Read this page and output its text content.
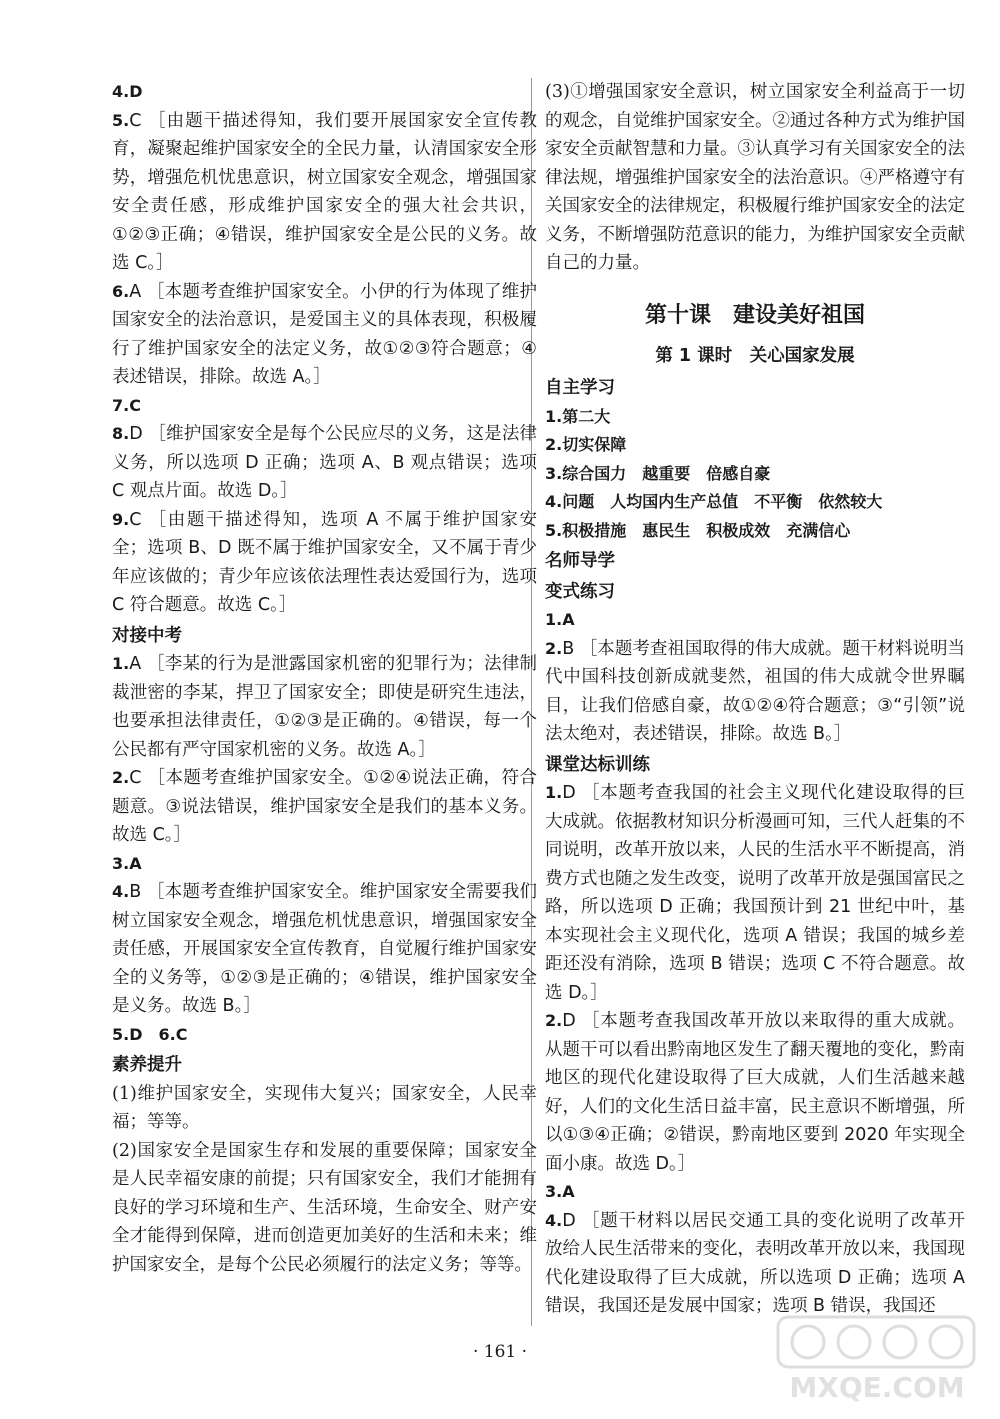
4.D

5.C ［由题干描述得知，我们要开展国家安全宣传教育，凝聚起维护国家安全的全民力量，认清国家安全形势，增强危机忧患意识，树立国家安全观念，增强国家安全责任感，形成维护国家安全的强大社会共识，①②③正确；④错误，维护国家安全是公民的义务。故选 C。］

6.A ［本题考查维护国家安全。小伊的行为体现了维护国家安全的法治意识，是爱国主义的具体表现，积极履行了维护国家安全的法定义务，故①②③符合题意；④表述错误，排除。故选 A。］

7.C

8.D ［维护国家安全是每个公民应尽的义务，这是法律义务，所以选项 D 正确；选项 A、B 观点错误；选项 C 观点片面。故选 D。］

9.C ［由题干描述得知，选项 A 不属于维护国家安全；选项 B、D 既不属于维护国家安全，又不属于青少年应该做的；青少年应该依法理性表达爱国行为，选项 C 符合题意。故选 C。］

对接中考

1.A ［李某的行为是泄露国家机密的犯罪行为；法律制裁泄密的李某，捍卫了国家安全；即使是研究生违法，也要承担法律责任，①②③是正确的。④错误，每一个公民都有严守国家机密的义务。故选 A。］

2.C ［本题考查维护国家安全。①②④说法正确，符合题意。③说法错误，维护国家安全是我们的基本义务。故选 C。］

3.A

4.B ［本题考查维护国家安全。维护国家安全需要我们树立国家安全观念，增强危机忧患意识，增强国家安全责任感，开展国家安全宣传教育，自觉履行维护国家安全的义务等，①②③是正确的；④错误，维护国家安全是义务。故选 B。］

5.D　6.C

素养提升

(1)维护国家安全，实现伟大复兴；国家安全，人民幸福；等等。

(2)国家安全是国家生存和发展的重要保障；国家安全是人民幸福安康的前提；只有国家安全，我们才能拥有良好的学习环境和生产、生活环境，生命安全、财产安全才能得到保障，进而创造更加美好的生活和未来；维护国家安全，是每个公民必须履行的法定义务；等等。

(3)①增强国家安全意识，树立国家安全利益高于一切的观念，自觉维护国家安全。②通过各种方式为维护国家安全贡献智慧和力量。③认真学习有关国家安全的法律法规，增强维护国家安全的法治意识。④严格遵守有关国家安全的法律规定，积极履行维护国家安全的法定义务，不断增强防范意识的能力，为维护国家安全贡献自己的力量。

第十课　建设美好祖国
第 1 课时　关心国家发展

自主学习

1.第二大

2.切实保障

3.综合国力　越重要　倍感自豪

4.问题　人均国内生产总值　不平衡　依然较大

5.积极措施　惠民生　积极成效　充满信心

名师导学

变式练习

1.A

2.B ［本题考查祖国取得的伟大成就。题干材料说明当代中国科技创新成就斐然，祖国的伟大成就令世界瞩目，让我们倍感自豪，故①②④符合题意；③“引领”说法太绝对，表述错误，排除。故选 B。］

课堂达标训练

1.D ［本题考查我国的社会主义现代化建设取得的巨大成就。依据教材知识分析漫画可知，三代人赶集的不同说明，改革开放以来，人民的生活水平不断提高，消费方式也随之发生改变，说明了改革开放是强国富民之路，所以选项 D 正确；我国预计到 21 世纪中叶，基本实现社会主义现代化，选项 A 错误；我国的城乡差距还没有消除，选项 B 错误；选项 C 不符合题意。故选 D。］

2.D ［本题考查我国改革开放以来取得的重大成就。从题干可以看出黔南地区发生了翻天覆地的变化，黔南地区的现代化建设取得了巨大成就，人们生活越来越好，人们的文化生活日益丰富，民主意识不断增强，所以①③④正确；②错误，黔南地区要到 2020 年实现全面小康。故选 D。］

3.A

4.D ［题干材料以居民交通工具的变化说明了改革开放给人民生活带来的变化，表明改革开放以来，我国现代化建设取得了巨大成就，所以选项 D 正确；选项 A 错误，我国还是发展中国家；选项 B 错误，我国还

· 161 ·
MXQE.COM
